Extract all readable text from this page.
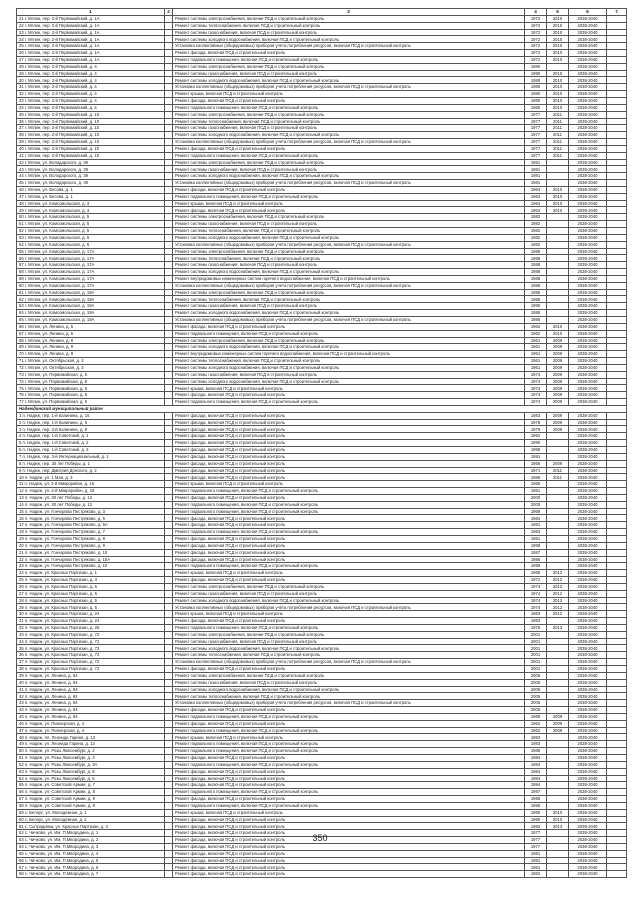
1	2	3	4	5	6	7
21 г. Мглин, пер. 2-й Первомайский, д. 1А		Ремонт системы электроснабжения, включая ПСД и строительный контроль	1972	2010	2038-2040	
22 г. Мглин, пер. 2-й Первомайский, д. 1А		Ремонт системы теплоснабжения, включая ПСД и строительный контроль	1972	2010	2038-2040	
23 г. Мглин, пер. 2-й Первомайский, д. 1А		Ремонт системы газоснабжения, включая ПСД и строительный контроль	1972	2010	2038-2040	
24 г. Мглин, пер. 2-й Первомайский, д. 1А		Ремонт системы холодного водоснабжения, включая ПСД и строительный контроль	1972	2010	2038-2040	
25 г. Мглин, пер. 2-й Первомайский, д. 1А		Установка коллективных (общедомовых) приборов учета потребления ресурсов, включая ПСД и строительный контроль	1972	2010	2038-2040	
26 г. Мглин, пер. 2-й Первомайский, д. 1А		Ремонт фасада, включая ПСД и строительный контроль	1972	2010	2038-2040	
27 г. Мглин, пер. 2-й Первомайский, д. 1А		Ремонт подвального помещения, включая ПСД и строительный контроль	1972	2010	2038-2040	
28 г. Мглин, пер. 2-й Первомайский, д. 4		Ремонт системы электроснабжения, включая ПСД и строительный контроль	1980		2038-2040	
29 г. Мглин, пер. 2-й Первомайский, д. 4		Ремонт системы газоснабжения, включая ПСД и строительный контроль	1980	2010	2038-2040	
30 г. Мглин, пер. 2-й Первомайский, д. 4		Ремонт системы холодного водоснабжения, включая ПСД и строительный контроль	1980	2010	2038-2040	
31 г. Мглин, пер. 2-й Первомайский, д. 4		Установка коллективных (общедомовых) приборов учета потребления ресурсов, включая ПСД и строительный контроль	1980	2010	2038-2040	
32 г. Мглин, пер. 2-й Первомайский, д. 4		Ремонт крыши, включая ПСД и строительный контроль	1980	2010	2038-2040	
33 г. Мглин, пер. 2-й Первомайский, д. 4		Ремонт фасада, включая ПСД и строительный контроль	1980	2010	2038-2040	
34 г. Мглин, пер. 2-й Первомайский, д. 4		Ремонт подвального помещения, включая ПСД и строительный контроль	1980	2010	2038-2040	
35 г. Мглин, пер. 2-й Первомайский, д. 10		Ремонт системы электроснабжения, включая ПСД и строительный контроль	1977	2011	2038-2040	
36 г. Мглин, пер. 2-й Первомайский, д. 10		Ремонт системы теплоснабжения, включая ПСД и строительный контроль	1977	2011	2038-2040	
37 г. Мглин, пер. 2-й Первомайский, д. 10		Ремонт системы газоснабжения, включая ПСД и строительный контроль	1977	2011	2038-2040	
38 г. Мглин, пер. 2-й Первомайский, д. 10		Ремонт системы холодного водоснабжения, включая ПСД и строительный контроль	1977	2011	2038-2040	
39 г. Мглин, пер. 2-й Первомайский, д. 10		Установка коллективных (общедомовых) приборов учета потребления ресурсов, включая ПСД и строительный контроль	1977	2011	2038-2040	
40 г. Мглин, пер. 2-й Первомайский, д. 10		Ремонт фасада, включая ПСД и строительный контроль	1977	2011	2038-2040	
41 г. Мглин, пер. 2-й Первомайский, д. 10		Ремонт подвального помещения, включая ПСД и строительный контроль	1977	2011	2038-2040	
42 г. Мглин, ул. Володарского, д. 39		Ремонт системы электроснабжения, включая ПСД и строительный контроль	1981		2038-2040	
43 г. Мглин, ул. Володарского, д. 39		Ремонт системы газоснабжения, включая ПСД и строительный контроль	1981		2038-2040	
44 г. Мглин, ул. Володарского, д. 39		Ремонт системы холодного водоснабжения, включая ПСД и строительный контроль	1981		2038-2040	
45 г. Мглин, ул. Володарского, д. 39		Установка коллективных (общедомовых) приборов учета потребления ресурсов, включая ПСД и строительный контроль	1981		2038-2040	
46 г. Мглин, ул. Бесова, д. 1		Ремонт фасада, включая ПСД и строительный контроль	1964	2010	2038-2040	
47 г. Мглин, ул. Бесова, д. 1		Ремонт подвального помещения, включая ПСД и строительный контроль	1964	2010	2038-2040	
48 г. Мглин, ул. Комсомольская, д. 3		Ремонт крыши, включая ПСД и строительный контроль	1964	2010	2038-2040	
49 г. Мглин, ул. Комсомольская, д. 3		Ремонт фасада, включая ПСД и строительный контроль	1964	2010	2038-2040	
50 г. Мглин, ул. Комсомольская, д. 5		Ремонт системы электроснабжения, включая ПСД и строительный контроль	1982		2038-2040	
51 г. Мглин, ул. Комсомольская, д. 5		Ремонт системы газоснабжения, включая ПСД и строительный контроль	1982		2038-2040	
52 г. Мглин, ул. Комсомольская, д. 5		Ремонт системы теплоснабжения, включая ПСД и строительный контроль	1982		2038-2040	
53 г. Мглин, ул. Комсомольская, д. 5		Ремонт системы холодного водоснабжения, включая ПСД и строительный контроль	1982		2038-2040	
54 г. Мглин, ул. Комсомольская, д. 5		Установка коллективных (общедомовых) приборов учета потребления ресурсов, включая ПСД и строительный контроль	1982		2038-2040	
55 г. Мглин, ул. Комсомольская, д. 17А		Ремонт системы электроснабжения, включая ПСД и строительный контроль	1988		2038-2040	
56 г. Мглин, ул. Комсомольская, д. 17А		Ремонт системы теплоснабжения, включая ПСД и строительный контроль	1988		2038-2040	
57 г. Мглин, ул. Комсомольская, д. 17А		Ремонт системы газоснабжения, включая ПСД и строительный контроль	1988		2038-2040	
58 г. Мглин, ул. Комсомольская, д. 17А		Ремонт системы холодного водоснабжения, включая ПСД и строительный контроль	1988		2038-2040	
59 г. Мглин, ул. Комсомольская, д. 17А		Ремонт внутридомовых инженерных систем горячего водоснабжения, включая ПСД и строительный контроль	1988		2038-2040	
60 г. Мглин, ул. Комсомольская, д. 17А		Установка коллективных (общедомовых) приборов учета потребления ресурсов, включая ПСД и строительный контроль	1988		2038-2040	
61 г. Мглин, ул. Комсомольская, д. 19А		Ремонт системы электроснабжения, включая ПСД и строительный контроль	1985		2038-2040	
62 г. Мглин, ул. Комсомольская, д. 19А		Ремонт системы теплоснабжения, включая ПСД и строительный контроль	1985		2038-2040	
63 г. Мглин, ул. Комсомольская, д. 19А		Ремонт системы газоснабжения, включая ПСД и строительный контроль	1985		2038-2040	
64 г. Мглин, ул. Комсомольская, д. 19А		Ремонт системы холодного водоснабжения, включая ПСД и строительный контроль	1985		2038-2040	
65 г. Мглин, ул. Комсомольская, д. 19А		Установка коллективных (общедомовых) приборов учета потребления ресурсов, включая ПСД и строительный контроль	1985		2038-2040	
66 г. Мглин, ул. Ленина, д. 5		Ремонт фасада, включая ПСД и строительный контроль	1962	2010	2038-2040	
67 г. Мглин, ул. Ленина, д. 5		Ремонт подвального помещения, включая ПСД и строительный контроль	1962	2010	2038-2040	
68 г. Мглин, ул. Ленина, д. 9		Ремонт системы электроснабжения, включая ПСД и строительный контроль	1961	2009	2038-2040	
69 г. Мглин, ул. Ленина, д. 9		Ремонт системы холодного водоснабжения, включая ПСД и строительный контроль	1961	2009	2038-2040	
70 г. Мглин, ул. Ленина, д. 9		Ремонт внутридомовых инженерных систем горячего водоснабжения, включая ПСД и строительный контроль	1961	2009	2038-2040	
71 г. Мглин, ул. Октябрьская, д. 3		Ремонт системы теплоснабжения, включая ПСД и строительный контроль	1961	2009	2038-2040	
72 г. Мглин, ул. Октябрьская, д. 3		Ремонт системы холодного водоснабжения, включая ПСД и строительный контроль	1961	2009	2038-2040	
73 г. Мглин, ул. Первомайская, д. 5		Ремонт системы газоснабжения, включая ПСД и строительный контроль	1974	2009	2038-2040	
74 г. Мглин, ул. Первомайская, д. 5		Ремонт системы холодного водоснабжения, включая ПСД и строительный контроль	1974	2009	2038-2040	
75 г. Мглин, ул. Первомайская, д. 5		Ремонт крыши, включая ПСД и строительный контроль	1974	2009	2038-2040	
76 г. Мглин, ул. Первомайская, д. 5		Ремонт фасада, включая ПСД и строительный контроль	1974	2009	2038-2040	
77 г. Мглин, ул. Первомайская, д. 5		Ремонт подвального помещения, включая ПСД и строительный контроль	1974	2009	2038-2040	
Надеждинский муниципальный район						
1 п. Надеж, пер. 1-й Калинина, д. 15		Ремонт фасада, включая ПСД и строительный контроль	1983	2009	2038-2040	
2 п. Надеж, пер. 1-й Калинина, д. 5		Ремонт фасада, включая ПСД и строительный контроль	1978	2009	2038-2040	
3 п. Надеж, пер. 2-й Калинина, д. 9		Ремонт фасада, включая ПСД и строительный контроль	1979	2009	2038-2040	
4 п. Надеж, пер. 1-й Советский, д. 1		Ремонт фасада, включая ПСД и строительный контроль	1992		2038-2040	
5 п. Надеж, пер. 1-й Советский, д. 2		Ремонт фасада, включая ПСД и строительный контроль	1990		2038-2040	
6 п. Надеж, пер. 1-й Советский, д. 3		Ремонт фасада, включая ПСД и строительный контроль	1988		2038-2040	
7 п. Надеж, пер. 3-й Интернациональный, д. 1		Ремонт фасада, включая ПСД и строительный контроль	1991		2038-2040	
8 п. Надеж, пер. 30 лет Победы, д. 1		Ремонт фасада, включая ПСД и строительный контроль	1956	2009	2038-2040	
9 п. Надеж, пер. Дмитрия Донского, д. 2		Ремонт фасада, включая ПСД и строительный контроль	1971	2011	2038-2040	
10 п. Надеж, ул. 1 Мая, д. 3		Ремонт фасада, включая ПСД и строительный контроль	1988	2011	2038-2040	
11 п. Надеж, ул. 2-й Микрорайон, д. 16		Ремонт крыши, включая ПСД и строительный контроль	1986		2038-2040	
12 п. Надеж, ул. 2-й Микрорайон, д. 19		Ремонт подвального помещения, включая ПСД и строительный контроль	1981		2038-2040	
13 п. Надеж, ул. 30 лет Победы, д. 12		Ремонт фасада, включая ПСД и строительный контроль	2000		2038-2040	
14 п. Надеж, ул. 30 лет Победы, д. 12		Ремонт подвального помещения, включая ПСД и строительный контроль	2000		2038-2040	
15 п. Надеж, ул. Гончарова Пестряково, д. 3		Ремонт подвального помещения, включая ПСД и строительный контроль	1969		2038-2040	
16 п. Надеж, ул. Гончарова Пестряково, д. 5		Ремонт фасада, включая ПСД и строительный контроль	1984		2038-2040	
17 п. Надеж, ул. Гончарова Пестряково, д. 5А		Ремонт фасада, включая ПСД и строительный контроль	1981		2038-2040	
18 п. Надеж, ул. Гончарова Пестряково, д. 7		Ремонт подвального помещения, включая ПСД и строительный контроль	1983		2038-2040	
19 п. Надеж, ул. Гончарова Пестряково, д. 8		Ремонт фасада, включая ПСД и строительный контроль	1981		2038-2040	
20 п. Надеж, ул. Гончарова Пестряково, д. 9		Ремонт фасада, включая ПСД и строительный контроль	1988		2038-2040	
21 п. Надеж, ул. Гончарова Пестряково, д. 10		Ремонт фасада, включая ПСД и строительный контроль	1987		2038-2040	
22 п. Надеж, ул. Гончарова Пестряково, д. 10А		Ремонт фасада, включая ПСД и строительный контроль	1986		2038-2040	
23 п. Надеж, ул. Гончарова Пестряково, д. 10		Ремонт подвального помещения, включая ПСД и строительный контроль	1996		2038-2040	
24 п. Надеж, ул. Красных Партизан, д. 1		Ремонт крыши, включая ПСД и строительный контроль	1968	2012	2038-2040	
25 п. Надеж, ул. Красных Партизан, д. 3		Ремонт фасада, включая ПСД и строительный контроль	1972	2012	2038-2040	
26 п. Надеж, ул. Красных Партизан, д. 5		Ремонт системы электроснабжения, включая ПСД и строительный контроль	1974	2012	2038-2040	
27 п. Надеж, ул. Красных Партизан, д. 5		Ремонт системы газоснабжения, включая ПСД и строительный контроль	1974	2012	2038-2040	
28 п. Надеж, ул. Красных Партизан, д. 5		Ремонт системы холодного водоснабжения, включая ПСД и строительный контроль	1974	2012	2038-2040	
29 п. Надеж, ул. Красных Партизан, д. 5		Установка коллективных (общедомовых) приборов учета потребления ресурсов, включая ПСД и строительный контроль	1974	2012	2038-2040	
30 п. Надеж, ул. Красных Партизан, д. 24		Ремонт крыши, включая ПСД и строительный контроль	1983	2012	2038-2040	
31 п. Надеж, ул. Красных Партизан, д. 24		Ремонт фасада, включая ПСД и строительный контроль	1983		2038-2040	
32 п. Надеж, ул. Красных Партизан, д. 26		Ремонт подвального помещения, включая ПСД и строительный контроль	1976	2013	2038-2040	
33 п. Надеж, ул. Красных Партизан, д. 72		Ремонт системы электроснабжения, включая ПСД и строительный контроль	2001		2038-2040	
34 п. Надеж, ул. Красных Партизан, д. 72		Ремонт системы газоснабжения, включая ПСД и строительный контроль	2001		2038-2040	
35 п. Надеж, ул. Красных Партизан, д. 72		Ремонт системы холодного водоснабжения, включая ПСД и строительный контроль	2001		2038-2040	
36 п. Надеж, ул. Красных Партизан, д. 72		Ремонт системы теплоснабжения, включая ПСД и строительный контроль	2001		2038-2040	
37 п. Надеж, ул. Красных Партизан, д. 72		Установка коллективных (общедомовых) приборов учета потребления ресурсов, включая ПСД и строительный контроль	2001		2038-2040	
38 п. Надеж, ул. Красных Партизан, д. 72		Ремонт фасада, включая ПСД и строительный контроль	2001		2038-2040	
39 п. Надеж, ул. Ленина, д. 84		Ремонт системы электроснабжения, включая ПСД и строительный контроль	2005		2038-2040	
40 п. Надеж, ул. Ленина, д. 84		Ремонт системы газоснабжения, включая ПСД и строительный контроль	2005		2038-2040	
41 п. Надеж, ул. Ленина, д. 84		Ремонт системы холодного водоснабжения, включая ПСД и строительный контроль	2005		2038-2040	
42 п. Надеж, ул. Ленина, д. 84		Ремонт системы теплоснабжения, включая ПСД и строительный контроль	2005		2038-2040	
43 п. Надеж, ул. Ленина, д. 84		Установка коллективных (общедомовых) приборов учета потребления ресурсов, включая ПСД и строительный контроль	2005		2038-2040	
44 п. Надеж, ул. Ленина, д. 84		Ремонт фасада, включая ПСД и строительный контроль	2005		2038-2040	
45 п. Надеж, ул. Ленина, д. 84		Ремонт подвального помещения, включая ПСД и строительный контроль	1969	2009	2038-2040	
46 п. Надеж, ул. Пионерская, д. 4		Ремонт фасада, включая ПСД и строительный контроль	1962	2009	2038-2040	
47 п. Надеж, ул. Пионерская, д. 4		Ремонт подвального помещения, включая ПСД и строительный контроль	1962	2009	2038-2040	
48 п. Надеж, пл. Леонида Гарина, д. 13		Ремонт крыши, включая ПСД и строительный контроль	1983		2038-2040	
49 п. Надеж, ул. Леонида Гарина, д. 13		Ремонт подвального помещения, включая ПСД и строительный контроль	1983		2038-2040	
50 п. Надеж, ул. Розы Люксембург, д. 2		Ремонт подвального помещения, включая ПСД и строительный контроль	1988		2038-2040	
51 п. Надеж, ул. Розы Люксембург, д. 3		Ремонт фасада, включая ПСД и строительный контроль	1984		2038-2040	
52 п. Надеж, ул. Розы Люксембург, д. 3А		Ремонт подвального помещения, включая ПСД и строительный контроль	1984		2038-2040	
53 п. Надеж, ул. Розы Люксембург, д. 5		Ремонт фасада, включая ПСД и строительный контроль	1984		2038-2040	
54 п. Надеж, ул. Розы Люксембург, д. 6		Ремонт фасада, включая ПСД и строительный контроль	1984		2038-2040	
55 п. Надеж, ул. Советской Армии, д. 7		Ремонт фасада, включая ПСД и строительный контроль	1994		2038-2040	
56 п. Надеж, ул. Советской Армии, д. 8		Ремонт подвального помещения, включая ПСД и строительный контроль	1997		2038-2040	
57 п. Надеж, ул. Советской Армии, д. 9		Ремонт фасада, включая ПСД и строительный контроль	1995		2038-2040	
58 п. Надеж, ул. Советской Армии, д. 9		Ремонт подвального помещения, включая ПСД и строительный контроль	1995		2038-2040	
59 с. Белоус, ул. Молодежная, д. 1		Ремонт крыши, включая ПСД и строительный контроль	1990	2010	2038-2040	
60 с. Белоус, ул. Молодежная, д. 2		Ремонт фасада, включая ПСД и строительный контроль	1990	2010	2038-2040	
61 с. Сытрадинка, ул. Красных Партизан, д. 3		Ремонт фасада, включая ПСД и строительный контроль	1982	2013	2038-2040	
62 с. Чичково, ул. Им. П.Мвородина, д. 1		Ремонт фасада, включая ПСД и строительный контроль	1977		2038-2040	
63 с. Чичково, ул. Им. П.Мвородина, д. 2		Ремонт фасада, включая ПСД и строительный контроль	1977		2038-2040	
64 с. Чичково, ул. Им. П.Мвородина, д. 3		Ремонт фасада, включая ПСД и строительный контроль	1977		2038-2040	
65 с. Чичково, ул. Им. П.Мвородина, д. 4		Ремонт фасада, включая ПСД и строительный контроль	1981		2038-2040	
66 с. Чичково, ул. Им. П.Мвородина, д. 5		Ремонт фасада, включая ПСД и строительный контроль	1981		2038-2040	
67 с. Чичково, ул. Им. П.Мвородина, д. 6		Ремонт фасада, включая ПСД и строительный контроль	1981		2038-2040	
68 с. Чичково, ул. Им. П.Мвородина, д. 7		Ремонт фасада, включая ПСД и строительный контроль	1982		2038-2040	
350
